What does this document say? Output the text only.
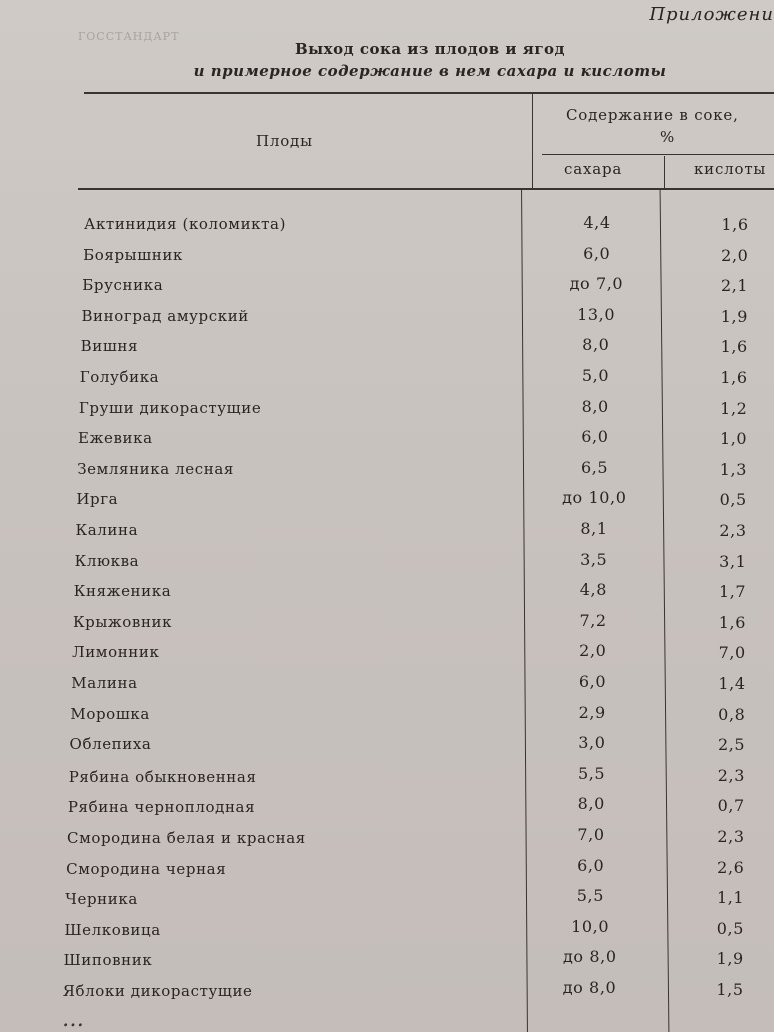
Приложени
ГОССТАНДАРТ
Выход сока из плодов и ягод
и примерное содержание в нем сахара и кислоты
Плоды
Содержание в соке,
%
сахара	кислоты
Актинидия (коломикта)	4,4	1,6
Боярышник	6,0	2,0
Брусника	до 7,0	2,1
Виноград амурский	13,0	1,9
Вишня	8,0	1,6
Голубика	5,0	1,6
Груши дикорастущие	8,0	1,2
Ежевика	6,0	1,0
Земляника лесная	6,5	1,3
Ирга	до 10,0	0,5
Калина	8,1	2,3
Клюква	3,5	3,1
Княженика	4,8	1,7
Крыжовник	7,2	1,6
Лимонник	2,0	7,0
Малина	6,0	1,4
Морошка	2,9	0,8
Облепиха	3,0	2,5
Рябина обыкновенная	5,5	2,3
Рябина черноплодная	8,0	0,7
Смородина белая и красная	7,0	2,3
Смородина черная	6,0	2,6
Черника	5,5	1,1
Шелковица	10,0	0,5
Шиповник	до 8,0	1,9
Яблоки дикорастущие	до 8,0	1,5
…
